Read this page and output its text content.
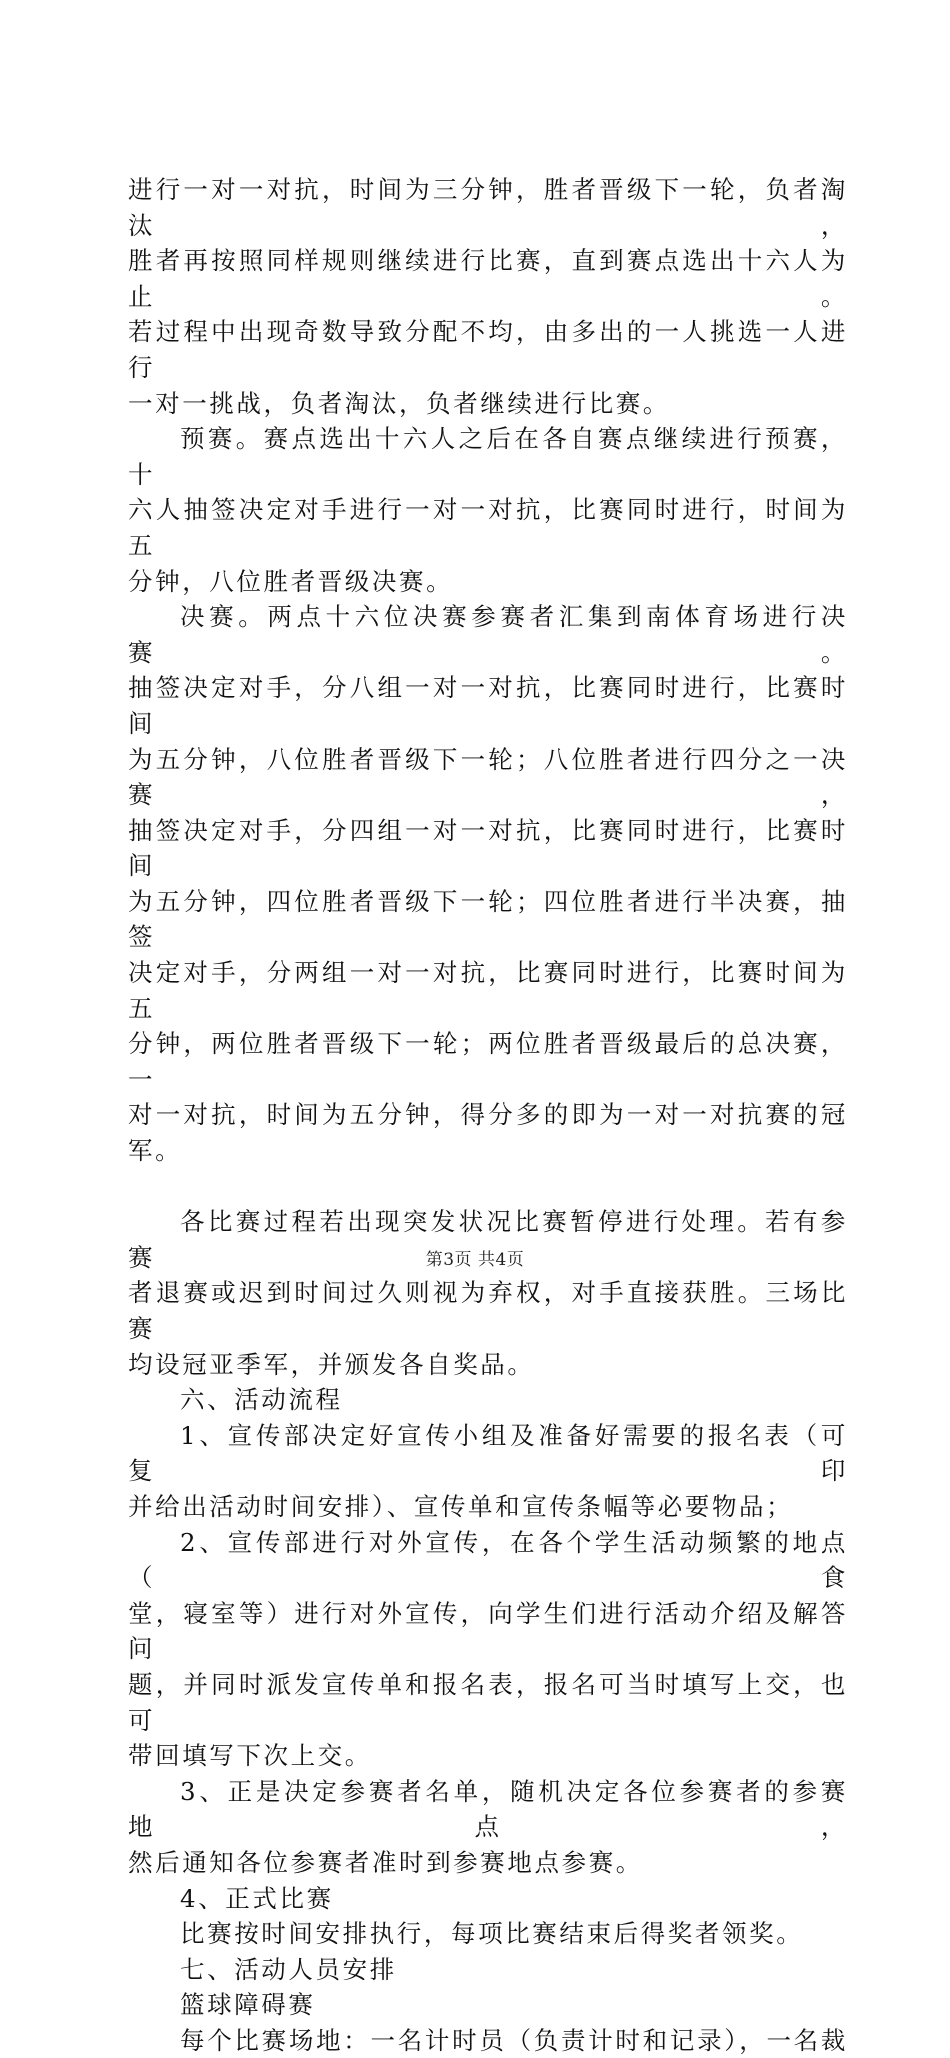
进行一对一对抗，时间为三分钟，胜者晋级下一轮，负者淘汰，

胜者再按照同样规则继续进行比赛，直到赛点选出十六人为止。

若过程中出现奇数导致分配不均，由多出的一人挑选一人进行

一对一挑战，负者淘汰，负者继续进行比赛。

预赛。赛点选出十六人之后在各自赛点继续进行预赛，十

六人抽签决定对手进行一对一对抗，比赛同时进行，时间为五

分钟，八位胜者晋级决赛。

决赛。两点十六位决赛参赛者汇集到南体育场进行决赛。

抽签决定对手，分八组一对一对抗，比赛同时进行，比赛时间

为五分钟，八位胜者晋级下一轮；八位胜者进行四分之一决赛，

抽签决定对手，分四组一对一对抗，比赛同时进行，比赛时间

为五分钟，四位胜者晋级下一轮；四位胜者进行半决赛，抽签

决定对手，分两组一对一对抗，比赛同时进行，比赛时间为五

分钟，两位胜者晋级下一轮；两位胜者晋级最后的总决赛，一

对一对抗，时间为五分钟，得分多的即为一对一对抗赛的冠军。

各比赛过程若出现突发状况比赛暂停进行处理。若有参赛

者退赛或迟到时间过久则视为弃权，对手直接获胜。三场比赛

均设冠亚季军，并颁发各自奖品。

六、活动流程

1、宣传部决定好宣传小组及准备好需要的报名表（可复印

并给出活动时间安排）、宣传单和宣传条幅等必要物品；

2、宣传部进行对外宣传，在各个学生活动频繁的地点（食

堂，寝室等）进行对外宣传，向学生们进行活动介绍及解答问

题，并同时派发宣传单和报名表，报名可当时填写上交，也可

带回填写下次上交。

3、正是决定参赛者名单，随机决定各位参赛者的参赛地点，

然后通知各位参赛者准时到参赛地点参赛。

4、正式比赛

比赛按时间安排执行，每项比赛结束后得奖者领奖。

七、活动人员安排

篮球障碍赛

每个比赛场地：一名计时员（负责计时和记录），一名裁

第3页 共4页
